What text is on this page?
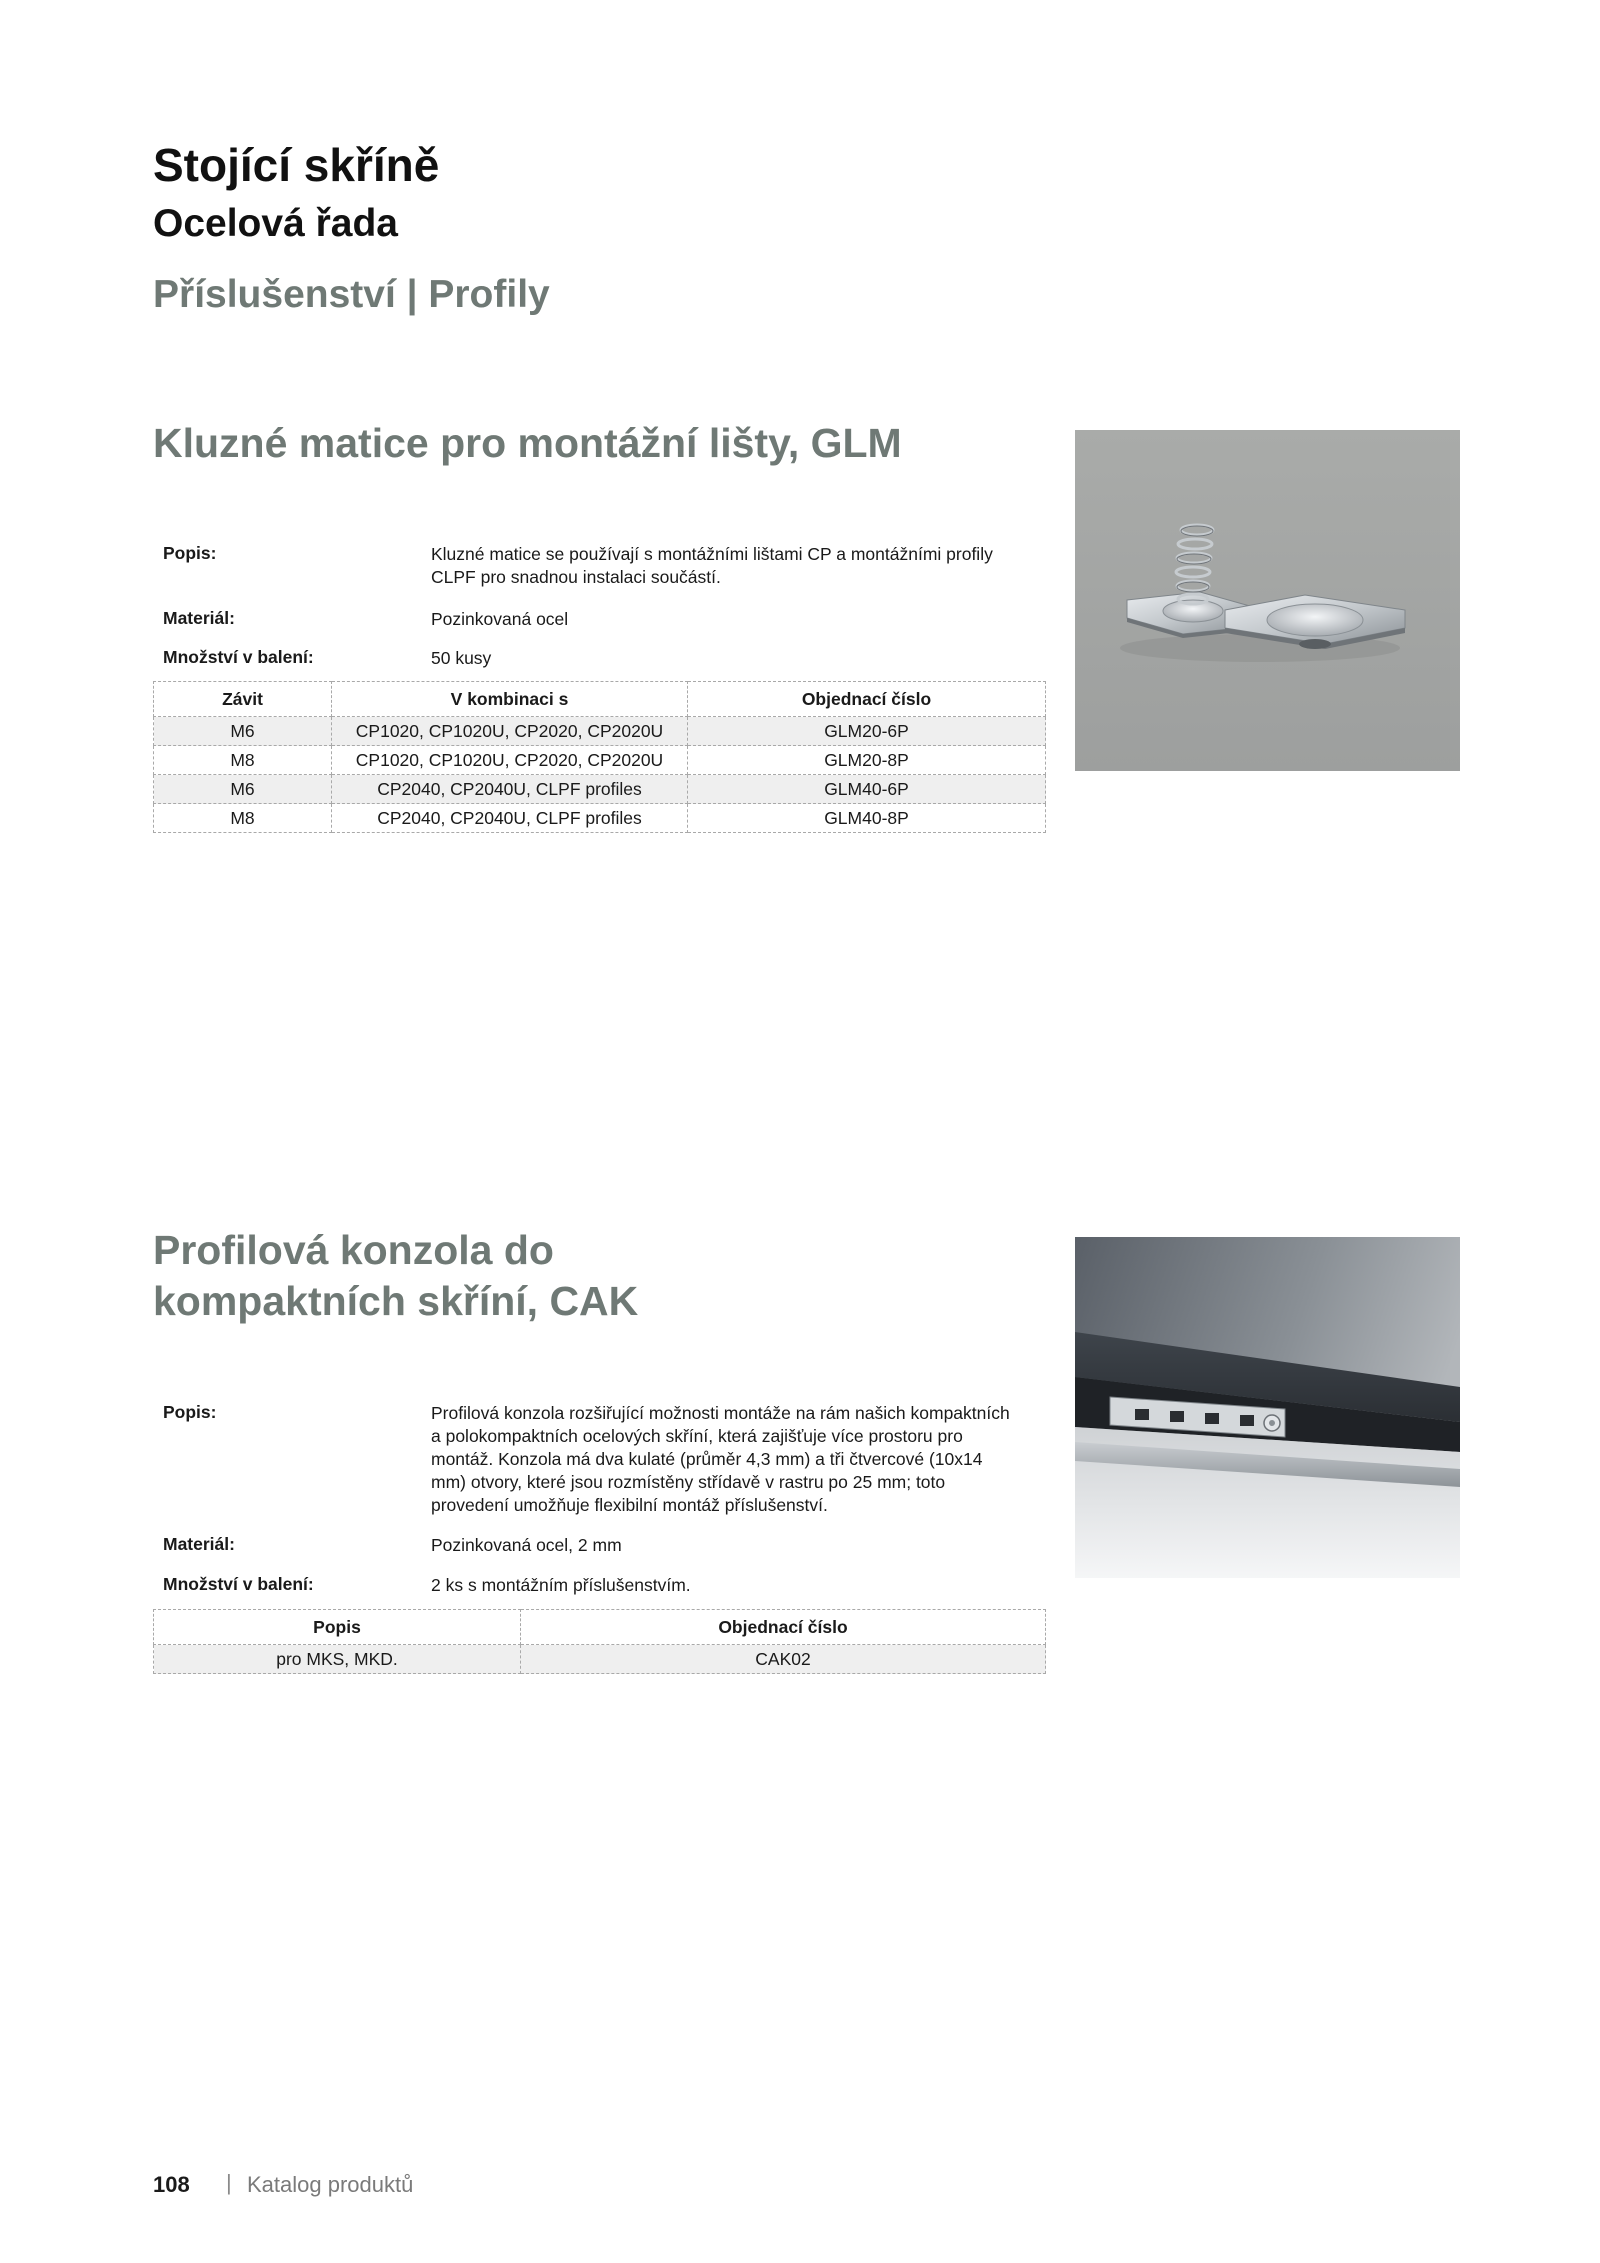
Stojící skříně
Ocelová řada
Příslušenství | Profily
Kluzné matice pro montážní lišty, GLM
Popis:	Kluzné matice se používají s montážními lištami CP a montážními profily CLPF pro snadnou instalaci součástí.
Materiál:	Pozinkovaná ocel
Množství v balení:	50 kusy
Závit	V kombinaci s	Objednací číslo
M6	CP1020, CP1020U, CP2020, CP2020U	GLM20-6P
M8	CP1020, CP1020U, CP2020, CP2020U	GLM20-8P
M6	CP2040, CP2040U, CLPF profiles	GLM40-6P
M8	CP2040, CP2040U, CLPF profiles	GLM40-8P
Profilová konzola do
kompaktních skříní, CAK
Popis:	Profilová konzola rozšiřující možnosti montáže na rám našich kompaktních a polokompaktních ocelových skříní, která zajišťuje více prostoru pro montáž. Konzola má dva kulaté (průměr 4,3 mm) a tři čtvercové (10x14 mm) otvory, které jsou rozmístěny střídavě v rastru po 25 mm; toto provedení umožňuje flexibilní montáž příslušenství.
Materiál:	Pozinkovaná ocel, 2 mm
Množství v balení:	2 ks s montážním příslušenstvím.
Popis	Objednací číslo
pro MKS, MKD.	CAK02
108 | Katalog produktů
